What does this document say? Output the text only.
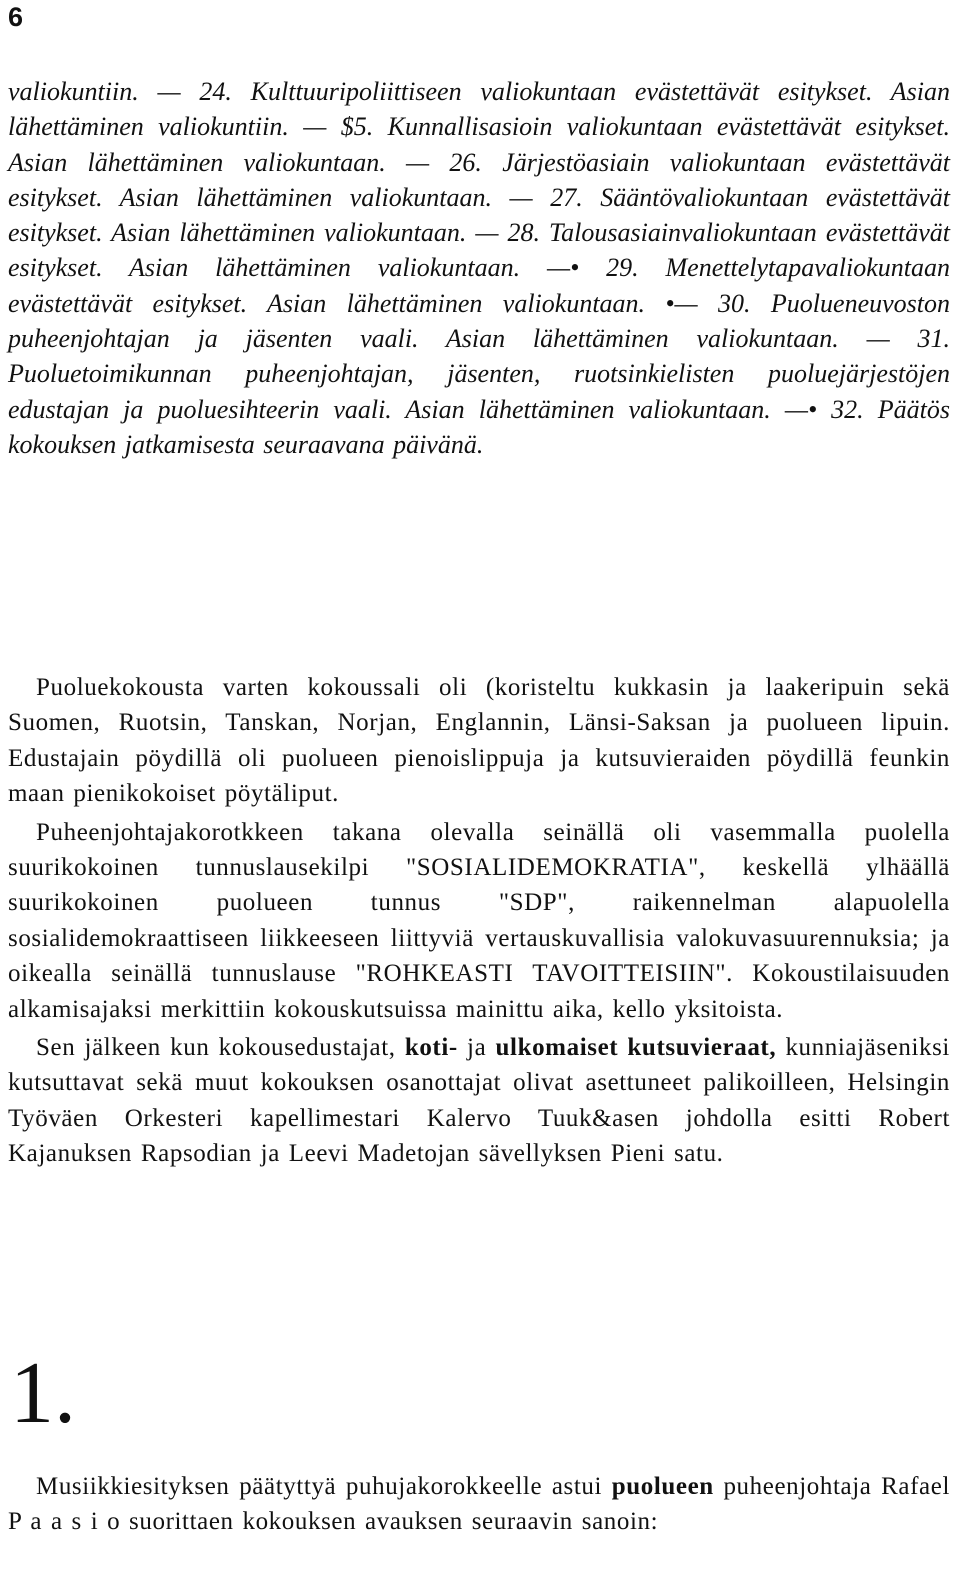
6
valiokuntiin. — 24. Kulttuuripoliittiseen valiokuntaan evästettävät esitykset. Asian lähettäminen valiokuntiin. — $5. Kunnallisasioin valiokuntaan evästettävät esitykset. Asian lähettäminen valiokuntaan. — 26. Järjestöasiain valiokuntaan evästettävät esitykset. Asian lähettäminen valiokuntaan. — 27. Sääntövaliokuntaan evästettävät esitykset. Asian lähettäminen valiokuntaan. — 28. Talousasiainvaliokuntaan evästettävät esitykset. Asian lähettäminen valiokuntaan. —• 29. Menettelytapavaliokuntaan evästettävät esitykset. Asian lähettäminen valiokuntaan. •— 30. Puolueneuvoston puheenjohtajan ja jäsenten vaali. Asian lähettäminen valiokuntaan. — 31. Puoluetoimikunnan puheenjohtajan, jäsenten, ruotsinkielisten puoluejärjestöjen edustajan ja puoluesihteerin vaali. Asian lähettäminen valiokuntaan. —• 32. Päätös kokouksen jatkamisesta seuraavana päivänä.

Puoluekokousta varten kokoussali oli (koristeltu kukkasin ja laakeripuin sekä Suomen, Ruotsin, Tanskan, Norjan, Englannin, Länsi-Saksan ja puolueen lipuin. Edustajain pöydillä oli puolueen pienoislippuja ja kutsuvieraiden pöydillä feunkin maan pienikokoiset pöytäliput.

Puheenjohtajakorotkkeen takana olevalla seinällä oli vasemmalla puolella suurikokoinen tunnuslausekilpi "SOSIALIDEMOKRATIA", keskellä ylhäällä suurikokoinen puolueen tunnus "SDP", raikennelman alapuolella sosialidemokraattiseen liikkeeseen liittyviä vertauskuvallisia valokuvasuurennuksia; ja oikealla seinällä tunnuslause "ROHKEASTI TAVOITTEISIIN". Kokoustilaisuuden alkamisajaksi merkittiin kokouskutsuissa mainittu aika, kello yksitoista.

Sen jälkeen kun kokousedustajat, koti- ja ulkomaiset kutsuvieraat, kunniajäseniksi kutsuttavat sekä muut kokouksen osanottajat olivat asettuneet palikoilleen, Helsingin Työväen Orkesteri kapellimestari Kalervo Tuuk&asen johdolla esitti Robert Kajanuksen Rapsodian ja Leevi Madetojan sävellyksen Pieni satu.

1.

Musiikkiesityksen päätyttyä puhujakorokkeelle astui puolueen puheenjohtaja Rafael P a a s i o suorittaen kokouksen avauksen seuraavin sanoin:
